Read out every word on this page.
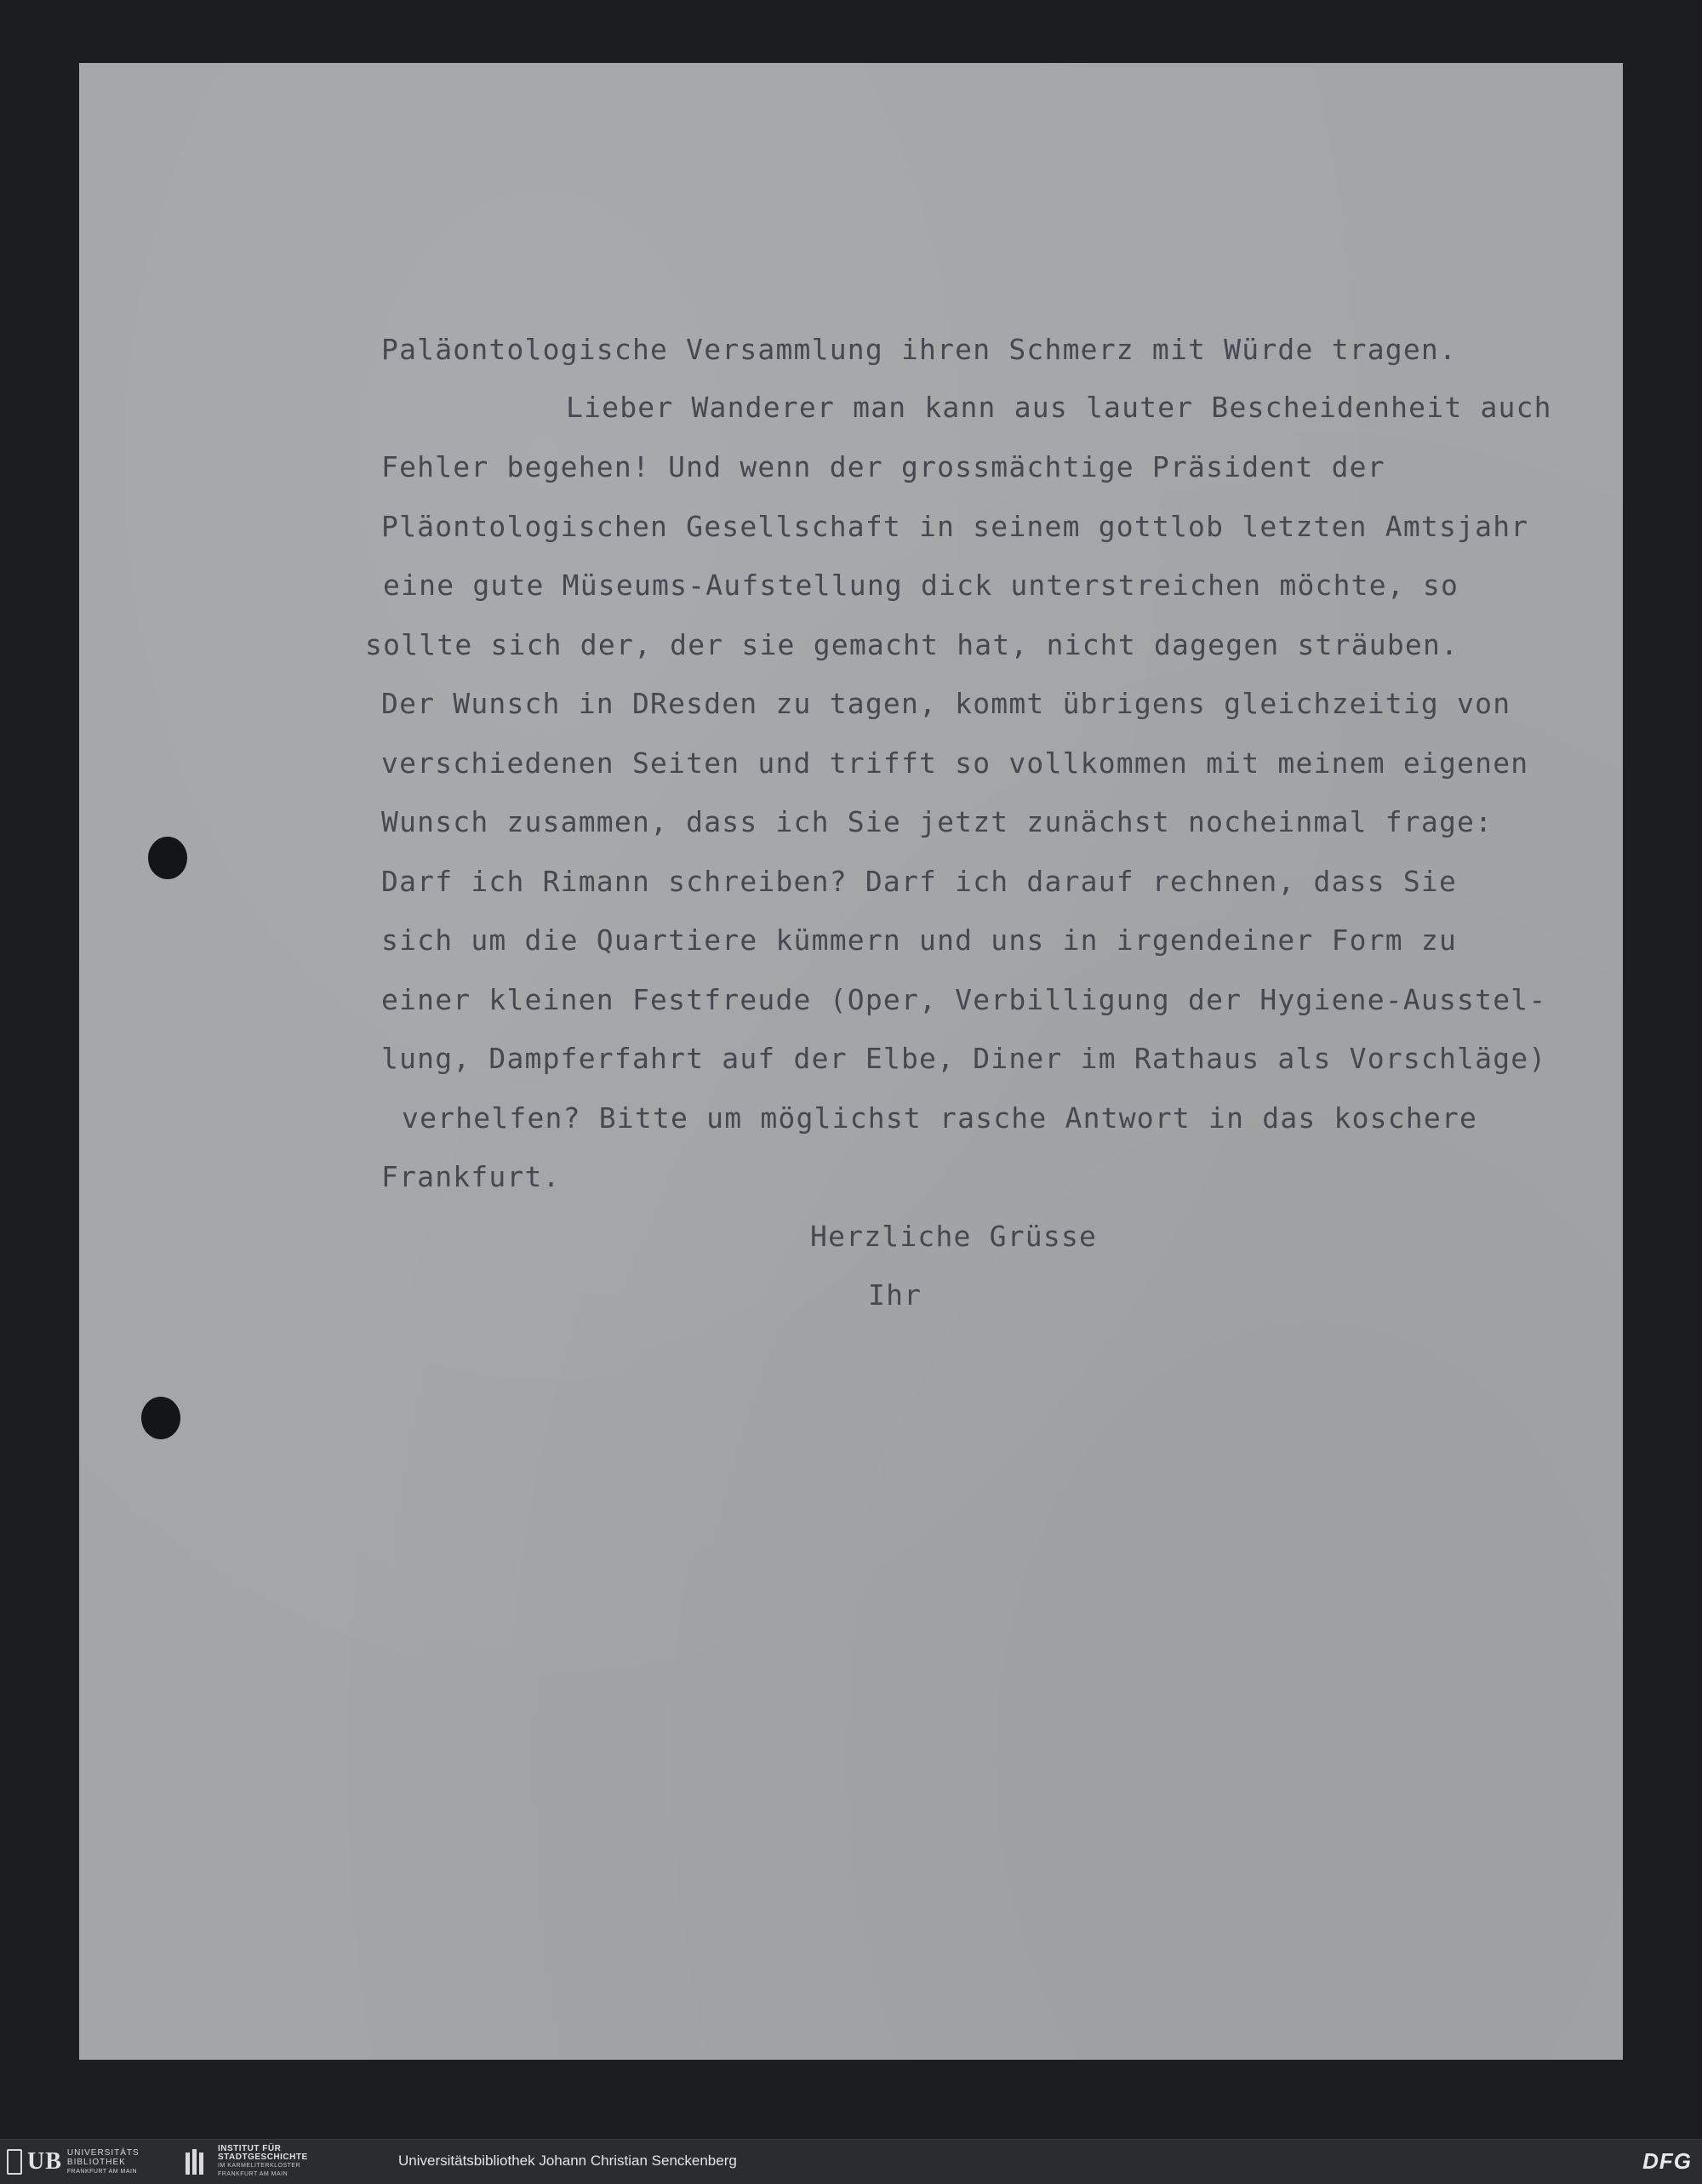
Paläontologische Versammlung ihren Schmerz mit Würde tragen.

Lieber Wanderer man kann aus lauter Bescheidenheit auch

Fehler begehen! Und wenn der grossmächtige Präsident der

Pläontologischen Gesellschaft in seinem gottlob letzten Amtsjahr

eine gute Müseums-Aufstellung dick unterstreichen möchte, so

sollte sich der, der sie gemacht hat, nicht dagegen sträuben.

Der Wunsch in DResden zu tagen, kommt übrigens gleichzeitig von

verschiedenen Seiten und trifft so vollkommen mit meinem eigenen

Wunsch zusammen, dass ich Sie jetzt zunächst nocheinmal frage:

Darf ich Rimann schreiben? Darf ich darauf rechnen, dass Sie

sich um die Quartiere kümmern und uns in irgendeiner Form zu

einer kleinen Festfreude (Oper, Verbilligung der Hygiene-Ausstel-

lung, Dampferfahrt auf der Elbe, Diner im Rathaus als Vorschläge)

verhelfen? Bitte um möglichst rasche Antwort in das koschere

Frankfurt.

Herzliche Grüsse

Ihr

UB UNIVERSITÄTS
BIBLIOTHEK
FRANKFURT AM MAIN
INSTITUT FÜR
STADTGESCHICHTE
IM KARMELITERKLOSTER
FRANKFURT AM MAIN
Universitätsbibliothek Johann Christian Senckenberg	DFG
